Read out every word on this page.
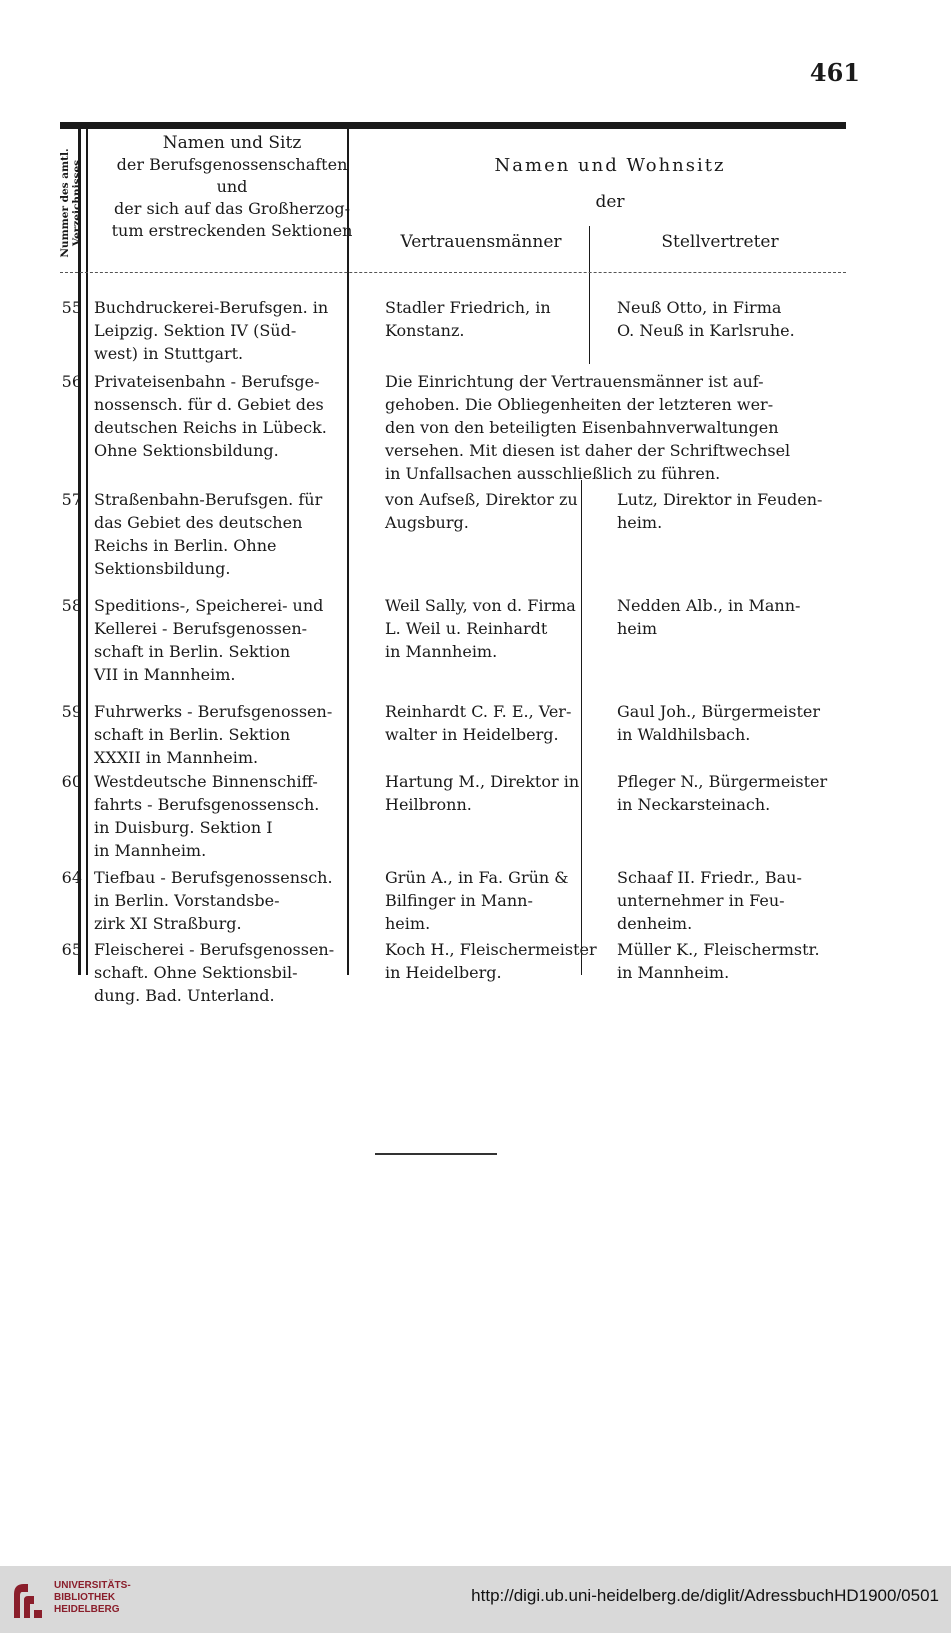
461
Nummer des amtl. Verzeichnisses
Namen und Sitz
der Berufsgenossenschaften
und
der sich auf das Großherzog-
tum erstreckenden Sektionen
Namen und Wohnsitz
der
Vertrauensmänner	Stellvertreter
55 Buchdruckerei-Berufsgen. in
Leipzig. Sektion IV (Süd-
west) in Stuttgart.
Stadler Friedrich, in
Konstanz.
Neuß Otto, in Firma
O. Neuß in Karlsruhe.
56 Privateisenbahn - Berufsge-
nossensch. für d. Gebiet des
deutschen Reichs in Lübeck.
Ohne Sektionsbildung.
Die Einrichtung der Vertrauensmänner ist auf-
gehoben. Die Obliegenheiten der letzteren wer-
den von den beteiligten Eisenbahnverwaltungen
versehen. Mit diesen ist daher der Schriftwechsel
in Unfallsachen ausschließlich zu führen.
57 Straßenbahn-Berufsgen. für
das Gebiet des deutschen
Reichs in Berlin. Ohne
Sektionsbildung.
von Aufseß, Direktor zu
Augsburg.
Lutz, Direktor in Feuden-
heim.
58 Speditions-, Speicherei- und
Kellerei - Berufsgenossen-
schaft in Berlin. Sektion
VII in Mannheim.
Weil Sally, von d. Firma
L. Weil u. Reinhardt
in Mannheim.
Nedden Alb., in Mann-
heim
59 Fuhrwerks - Berufsgenossen-
schaft in Berlin. Sektion
XXXII in Mannheim.
Reinhardt C. F. E., Ver-
walter in Heidelberg.
Gaul Joh., Bürgermeister
in Waldhilsbach.
60 Westdeutsche Binnenschiff-
fahrts - Berufsgenossensch.
in Duisburg. Sektion I
in Mannheim.
Hartung M., Direktor in
Heilbronn.
Pfleger N., Bürgermeister
in Neckarsteinach.
64 Tiefbau - Berufsgenossensch.
in Berlin. Vorstandsbe-
zirk XI Straßburg.
Grün A., in Fa. Grün &
Bilfinger in Mann-
heim.
Schaaf II. Friedr., Bau-
unternehmer in Feu-
denheim.
65 Fleischerei - Berufsgenossen-
schaft. Ohne Sektionsbil-
dung. Bad. Unterland.
Koch H., Fleischermeister
in Heidelberg.
Müller K., Fleischermstr.
in Mannheim.
UNIVERSITÄTS-
BIBLIOTHEK
HEIDELBERG
http://digi.ub.uni-heidelberg.de/diglit/AdressbuchHD1900/0501
